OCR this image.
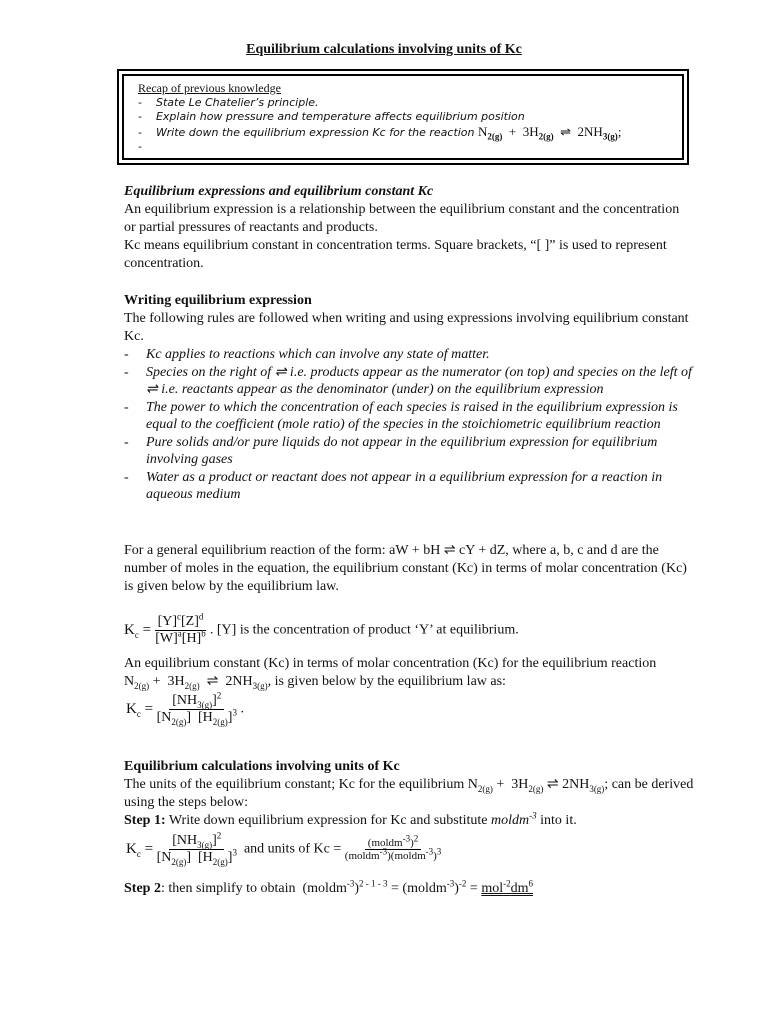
Equilibrium calculations involving units of Kc
Recap of previous knowledge
-    State Le Chatelier’s principle.
-    Explain how pressure and temperature affects equilibrium position
-    Write down the equilibrium expression Kc for the reaction $N_{2(g)} + 3H_{2(g)}$  ⇌  $2NH_{3(g)}$;
-
Equilibrium expressions and equilibrium constant Kc
An equilibrium expression is a relationship between the equilibrium constant and the concentration or partial pressures of reactants and products.
Kc means equilibrium constant in concentration terms. Square brackets, “[ ]” is used to represent concentration.
Writing equilibrium expression
The following rules are followed when writing and using expressions involving equilibrium constant Kc.
-	Kc applies to reactions which can involve any state of matter.
-	Species on the right of ⇌ i.e. products appear as the numerator (on top) and species on the left of ⇌ i.e. reactants appear as the denominator (under) on the equilibrium expression
-	The power to which the concentration of each species is raised in the equilibrium expression is equal to the coefficient (mole ratio) of the species in the stoichiometric equilibrium reaction
-	Pure solids and/or pure liquids do not appear in the equilibrium expression for equilibrium involving gases
-	Water as a product or reactant does not appear in a equilibrium expression for a reaction in aqueous medium
For a general equilibrium reaction of the form: aW + bH ⇌ cY + dZ, where a, b, c and d are the number of moles in the equation, the equilibrium constant (Kc) in terms of molar concentration (Kc) is given below by the equilibrium law.
$K_c = \frac{[Y]^c[Z]^d}{[W]^a[H]^b}$ . [Y] is the concentration of product ‘Y’ at equilibrium.
An equilibrium constant (Kc) in terms of molar concentration (Kc) for the equilibrium reaction
$N_{2(g)} + 3H_{2(g)}$  ⇌  $2NH_{3(g)}$, is given below by the equilibrium law as:
$K_c = \frac{[NH_{3(g)}]^2}{[N_{2(g)}] [H_{2(g)}]^3}$ .
Equilibrium calculations involving units of Kc
The units of the equilibrium constant; Kc for the equilibrium $N_{2(g)} + 3H_{2(g)}$ ⇌ $2NH_{3(g)}$; can be derived using the steps below:
Step 1: Write down equilibrium expression for Kc and substitute moldm$^{-3}$ into it.
$K_c = \frac{[NH_{3(g)}]^2}{[N_{2(g)}] [H_{2(g)}]^3}$ and units of $Kc = \frac{(moldm^{-3})^2}{(moldm^{-3})(moldm^{-3})^3}$
Step 2: then simplify to obtain  (moldm$^{-3}$)$^{2 - 1 - 3}$ = (moldm$^{-3}$)$^{-2}$ = $mol^{-2}dm^6$
